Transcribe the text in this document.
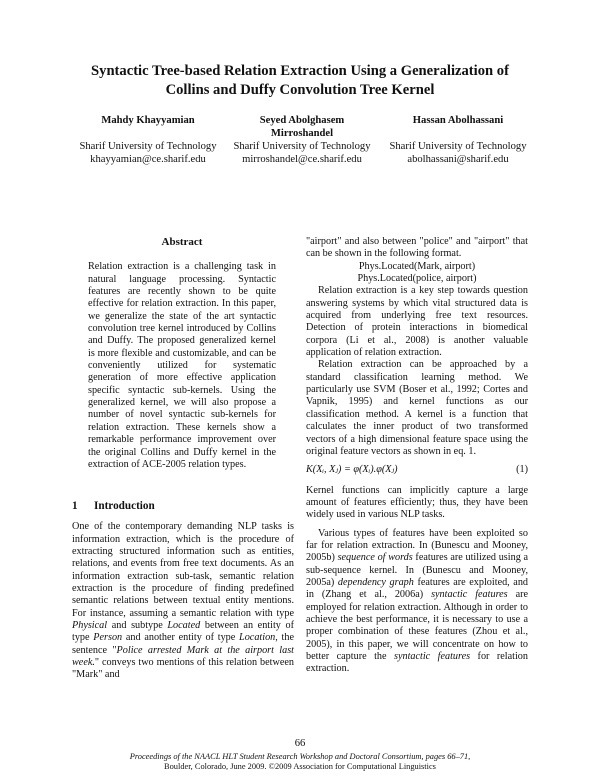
Syntactic Tree-based Relation Extraction Using a Generalization of
Collins and Duffy Convolution Tree Kernel
Mahdy Khayyamian
Sharif University of Technology
khayyamian@ce.sharif.edu
Seyed Abolghasem Mirroshandel
Sharif University of Technology
mirroshandel@ce.sharif.edu
Hassan Abolhassani
Sharif University of Technology
abolhassani@sharif.edu
Abstract

Relation extraction is a challenging task in natural language processing. Syntactic features are recently shown to be quite effective for relation extraction. In this paper, we generalize the state of the art syntactic convolution tree kernel introduced by Collins and Duffy. The proposed generalized kernel is more flexible and customizable, and can be conveniently utilized for systematic generation of more effective application specific syntactic sub-kernels. Using the generalized kernel, we will also propose a number of novel syntactic sub-kernels for relation extraction. These kernels show a remarkable performance improvement over the original Collins and Duffy kernel in the extraction of ACE-2005 relation types.

1 Introduction

One of the contemporary demanding NLP tasks is information extraction, which is the procedure of extracting structured information such as entities, relations, and events from free text documents. As an information extraction sub-task, semantic relation extraction is the procedure of finding predefined semantic relations between textual entity mentions. For instance, assuming a semantic relation with type Physical and subtype Located between an entity of type Person and another entity of type Location, the sentence "Police arrested Mark at the airport last week." conveys two mentions of this relation between "Mark" and

"airport" and also between "police" and "airport" that can be shown in the following format.

Phys.Located(Mark, airport)
Phys.Located(police, airport)

Relation extraction is a key step towards question answering systems by which vital structured data is acquired from underlying free text resources. Detection of protein interactions in biomedical corpora (Li et al., 2008) is another valuable application of relation extraction.

Relation extraction can be approached by a standard classification learning method. We particularly use SVM (Boser et al., 1992; Cortes and Vapnik, 1995) and kernel functions as our classification method. A kernel is a function that calculates the inner product of two transformed vectors of a high dimensional feature space using the original feature vectors as shown in eq. 1.

K(Xᵢ, Xⱼ) = φ(Xᵢ).φ(Xⱼ)	(1)

Kernel functions can implicitly capture a large amount of features efficiently; thus, they have been widely used in various NLP tasks.

Various types of features have been exploited so far for relation extraction. In (Bunescu and Mooney, 2005b) sequence of words features are utilized using a sub-sequence kernel. In (Bunescu and Mooney, 2005a) dependency graph features are exploited, and in (Zhang et al., 2006a) syntactic features are employed for relation extraction. Although in order to achieve the best performance, it is necessary to use a proper combination of these features (Zhou et al., 2005), in this paper, we will concentrate on how to better capture the syntactic features for relation extraction.

66
Proceedings of the NAACL HLT Student Research Workshop and Doctoral Consortium, pages 66–71,
Boulder, Colorado, June 2009. ©2009 Association for Computational Linguistics
